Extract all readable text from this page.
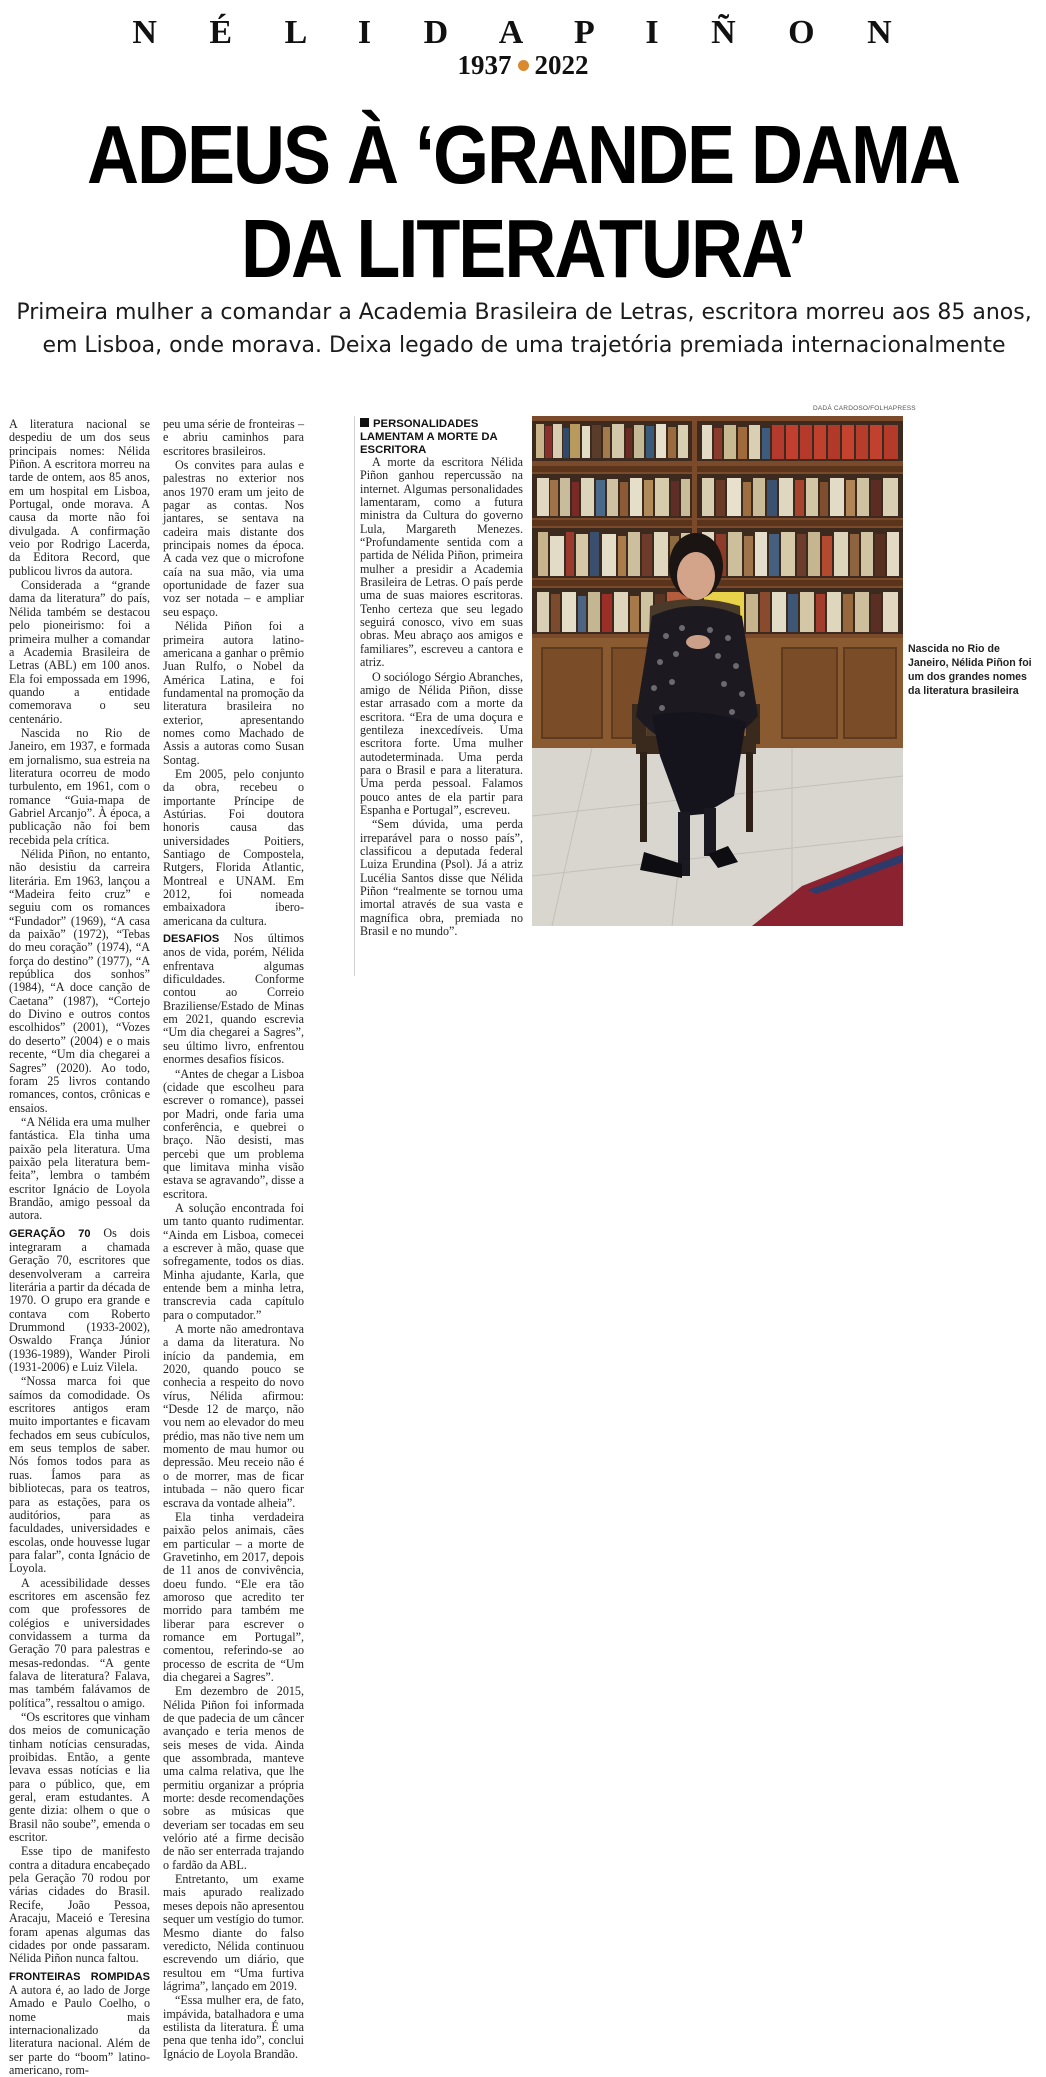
N É L I D A P I Ñ O N
1937 2022
ADEUS À ‘GRANDE DAMA
DA LITERATURA’
Primeira mulher a comandar a Academia Brasileira de Letras, escritora morreu aos 85 anos, em Lisboa, onde morava. Deixa legado de uma trajetória premiada internacionalmente

A literatura nacional se despediu de um dos seus principais nomes: Nélida Piñon. A escritora morreu na tarde de ontem, aos 85 anos, em um hospital em Lisboa, Portugal, onde morava. A causa da morte não foi divulgada. A confirmação veio por Rodrigo Lacerda, da Editora Record, que publicou livros da autora.

Considerada a “grande dama da literatura” do país, Nélida também se destacou pelo pioneirismo: foi a primeira mulher a comandar a Academia Brasileira de Letras (ABL) em 100 anos. Ela foi empossada em 1996, quando a entidade comemorava o seu centenário.

Nascida no Rio de Janeiro, em 1937, e formada em jornalismo, sua estreia na literatura ocorreu de modo turbulento, em 1961, com o romance “Guia-mapa de Gabriel Arcanjo”. À época, a publicação não foi bem recebida pela crítica.

Nélida Piñon, no entanto, não desistiu da carreira literária. Em 1963, lançou a “Madeira feito cruz” e seguiu com os romances “Fundador” (1969), “A casa da paixão” (1972), “Tebas do meu coração” (1974), “A força do destino” (1977), “A república dos sonhos” (1984), “A doce canção de Caetana” (1987), “Cortejo do Divino e outros contos escolhidos” (2001), “Vozes do deserto” (2004) e o mais recente, “Um dia chegarei a Sagres” (2020). Ao todo, foram 25 livros contando romances, contos, crônicas e ensaios.

“A Nélida era uma mulher fantástica. Ela tinha uma paixão pela literatura. Uma paixão pela literatura bem-feita”, lembra o também escritor Ignácio de Loyola Brandão, amigo pessoal da autora.

GERAÇÃO 70 Os dois integraram a chamada Geração 70, escritores que desenvolveram a carreira literária a partir da década de 1970. O grupo era grande e contava com Roberto Drummond (1933-2002), Oswaldo França Júnior (1936-1989), Wander Piroli (1931-2006) e Luiz Vilela.

“Nossa marca foi que saímos da comodidade. Os escritores antigos eram muito importantes e ficavam fechados em seus cubículos, em seus templos de saber. Nós fomos todos para as ruas. Íamos para as bibliotecas, para os teatros, para as estações, para os auditórios, para as faculdades, universidades e escolas, onde houvesse lugar para falar”, conta Ignácio de Loyola.

A acessibilidade desses escritores em ascensão fez com que professores de colégios e universidades convidassem a turma da Geração 70 para palestras e mesas-redondas. “A gente falava de literatura? Falava, mas também falávamos de política”, ressaltou o amigo.

“Os escritores que vinham dos meios de comunicação tinham notícias censuradas, proibidas. Então, a gente levava essas notícias e lia para o público, que, em geral, eram estudantes. A gente dizia: olhem o que o Brasil não soube”, emenda o escritor.

Esse tipo de manifesto contra a ditadura encabeçado pela Geração 70 rodou por várias cidades do Brasil. Recife, João Pessoa, Aracaju, Maceió e Teresina foram apenas algumas das cidades por onde passaram. Nélida Piñon nunca faltou.

FRONTEIRAS ROMPIDAS A autora é, ao lado de Jorge Amado e Paulo Coelho, o nome mais internacionalizado da literatura nacional. Além de ser parte do “boom” latino-americano, rom-

peu uma série de fronteiras – e abriu caminhos para escritores brasileiros.

Os convites para aulas e palestras no exterior nos anos 1970 eram um jeito de pagar as contas. Nos jantares, se sentava na cadeira mais distante dos principais nomes da época. A cada vez que o microfone caía na sua mão, via uma oportunidade de fazer sua voz ser notada – e ampliar seu espaço.

Nélida Piñon foi a primeira autora latino-americana a ganhar o prêmio Juan Rulfo, o Nobel da América Latina, e foi fundamental na promoção da literatura brasileira no exterior, apresentando nomes como Machado de Assis a autoras como Susan Sontag.

Em 2005, pelo conjunto da obra, recebeu o importante Príncipe de Astúrias. Foi doutora honoris causa das universidades Poitiers, Santiago de Compostela, Rutgers, Florida Atlantic, Montreal e UNAM. Em 2012, foi nomeada embaixadora ibero-americana da cultura.

DESAFIOS Nos últimos anos de vida, porém, Nélida enfrentava algumas dificuldades. Conforme contou ao Correio Braziliense/Estado de Minas em 2021, quando escrevia “Um dia chegarei a Sagres”, seu último livro, enfrentou enormes desafios físicos.

“Antes de chegar a Lisboa (cidade que escolheu para escrever o romance), passei por Madri, onde faria uma conferência, e quebrei o braço. Não desisti, mas percebi que um problema que limitava minha visão estava se agravando”, disse a escritora.

A solução encontrada foi um tanto quanto rudimentar. “Ainda em Lisboa, comecei a escrever à mão, quase que sofregamente, todos os dias. Minha ajudante, Karla, que entende bem a minha letra, transcrevia cada capítulo para o computador.”

A morte não amedrontava a dama da literatura. No início da pandemia, em 2020, quando pouco se conhecia a respeito do novo vírus, Nélida afirmou: “Desde 12 de março, não vou nem ao elevador do meu prédio, mas não tive nem um momento de mau humor ou depressão. Meu receio não é o de morrer, mas de ficar intubada – não quero ficar escrava da vontade alheia”.

Ela tinha verdadeira paixão pelos animais, cães em particular – a morte de Gravetinho, em 2017, depois de 11 anos de convivência, doeu fundo. “Ele era tão amoroso que acredito ter morrido para também me liberar para escrever o romance em Portugal”, comentou, referindo-se ao processo de escrita de “Um dia chegarei a Sagres”.

Em dezembro de 2015, Nélida Piñon foi informada de que padecia de um câncer avançado e teria menos de seis meses de vida. Ainda que assombrada, manteve uma calma relativa, que lhe permitiu organizar a própria morte: desde recomendações sobre as músicas que deveriam ser tocadas em seu velório até a firme decisão de não ser enterrada trajando o fardão da ABL.

Entretanto, um exame mais apurado realizado meses depois não apresentou sequer um vestígio do tumor. Mesmo diante do falso veredicto, Nélida continuou escrevendo um diário, que resultou em “Uma furtiva lágrima”, lançado em 2019.

“Essa mulher era, de fato, impávida, batalhadora e uma estilista da literatura. É uma pena que tenha ido”, conclui Ignácio de Loyola Brandão.

PERSONALIDADES LAMENTAM A MORTE DA ESCRITORA

A morte da escritora Nélida Piñon ganhou repercussão na internet. Algumas personalidades lamentaram, como a futura ministra da Cultura do governo Lula, Margareth Menezes. “Profundamente sentida com a partida de Nélida Piñon, primeira mulher a presidir a Academia Brasileira de Letras. O país perde uma de suas maiores escritoras. Tenho certeza que seu legado seguirá conosco, vivo em suas obras. Meu abraço aos amigos e familiares”, escreveu a cantora e atriz.

O sociólogo Sérgio Abranches, amigo de Nélida Piñon, disse estar arrasado com a morte da escritora. “Era de uma doçura e gentileza inexcedíveis. Uma escritora forte. Uma mulher autodeterminada. Uma perda para o Brasil e para a literatura. Uma perda pessoal. Falamos pouco antes de ela partir para Espanha e Portugal”, escreveu.

“Sem dúvida, uma perda irreparável para o nosso país”, classificou a deputada federal Luiza Erundina (Psol). Já a atriz Lucélia Santos disse que Nélida Piñon “realmente se tornou uma imortal através de sua vasta e magnífica obra, premiada no Brasil e no mundo”.

DADÁ CARDOSO/FOLHAPRESS
Nascida no Rio de Janeiro, Nélida Piñon foi um dos grandes nomes da literatura brasileira
